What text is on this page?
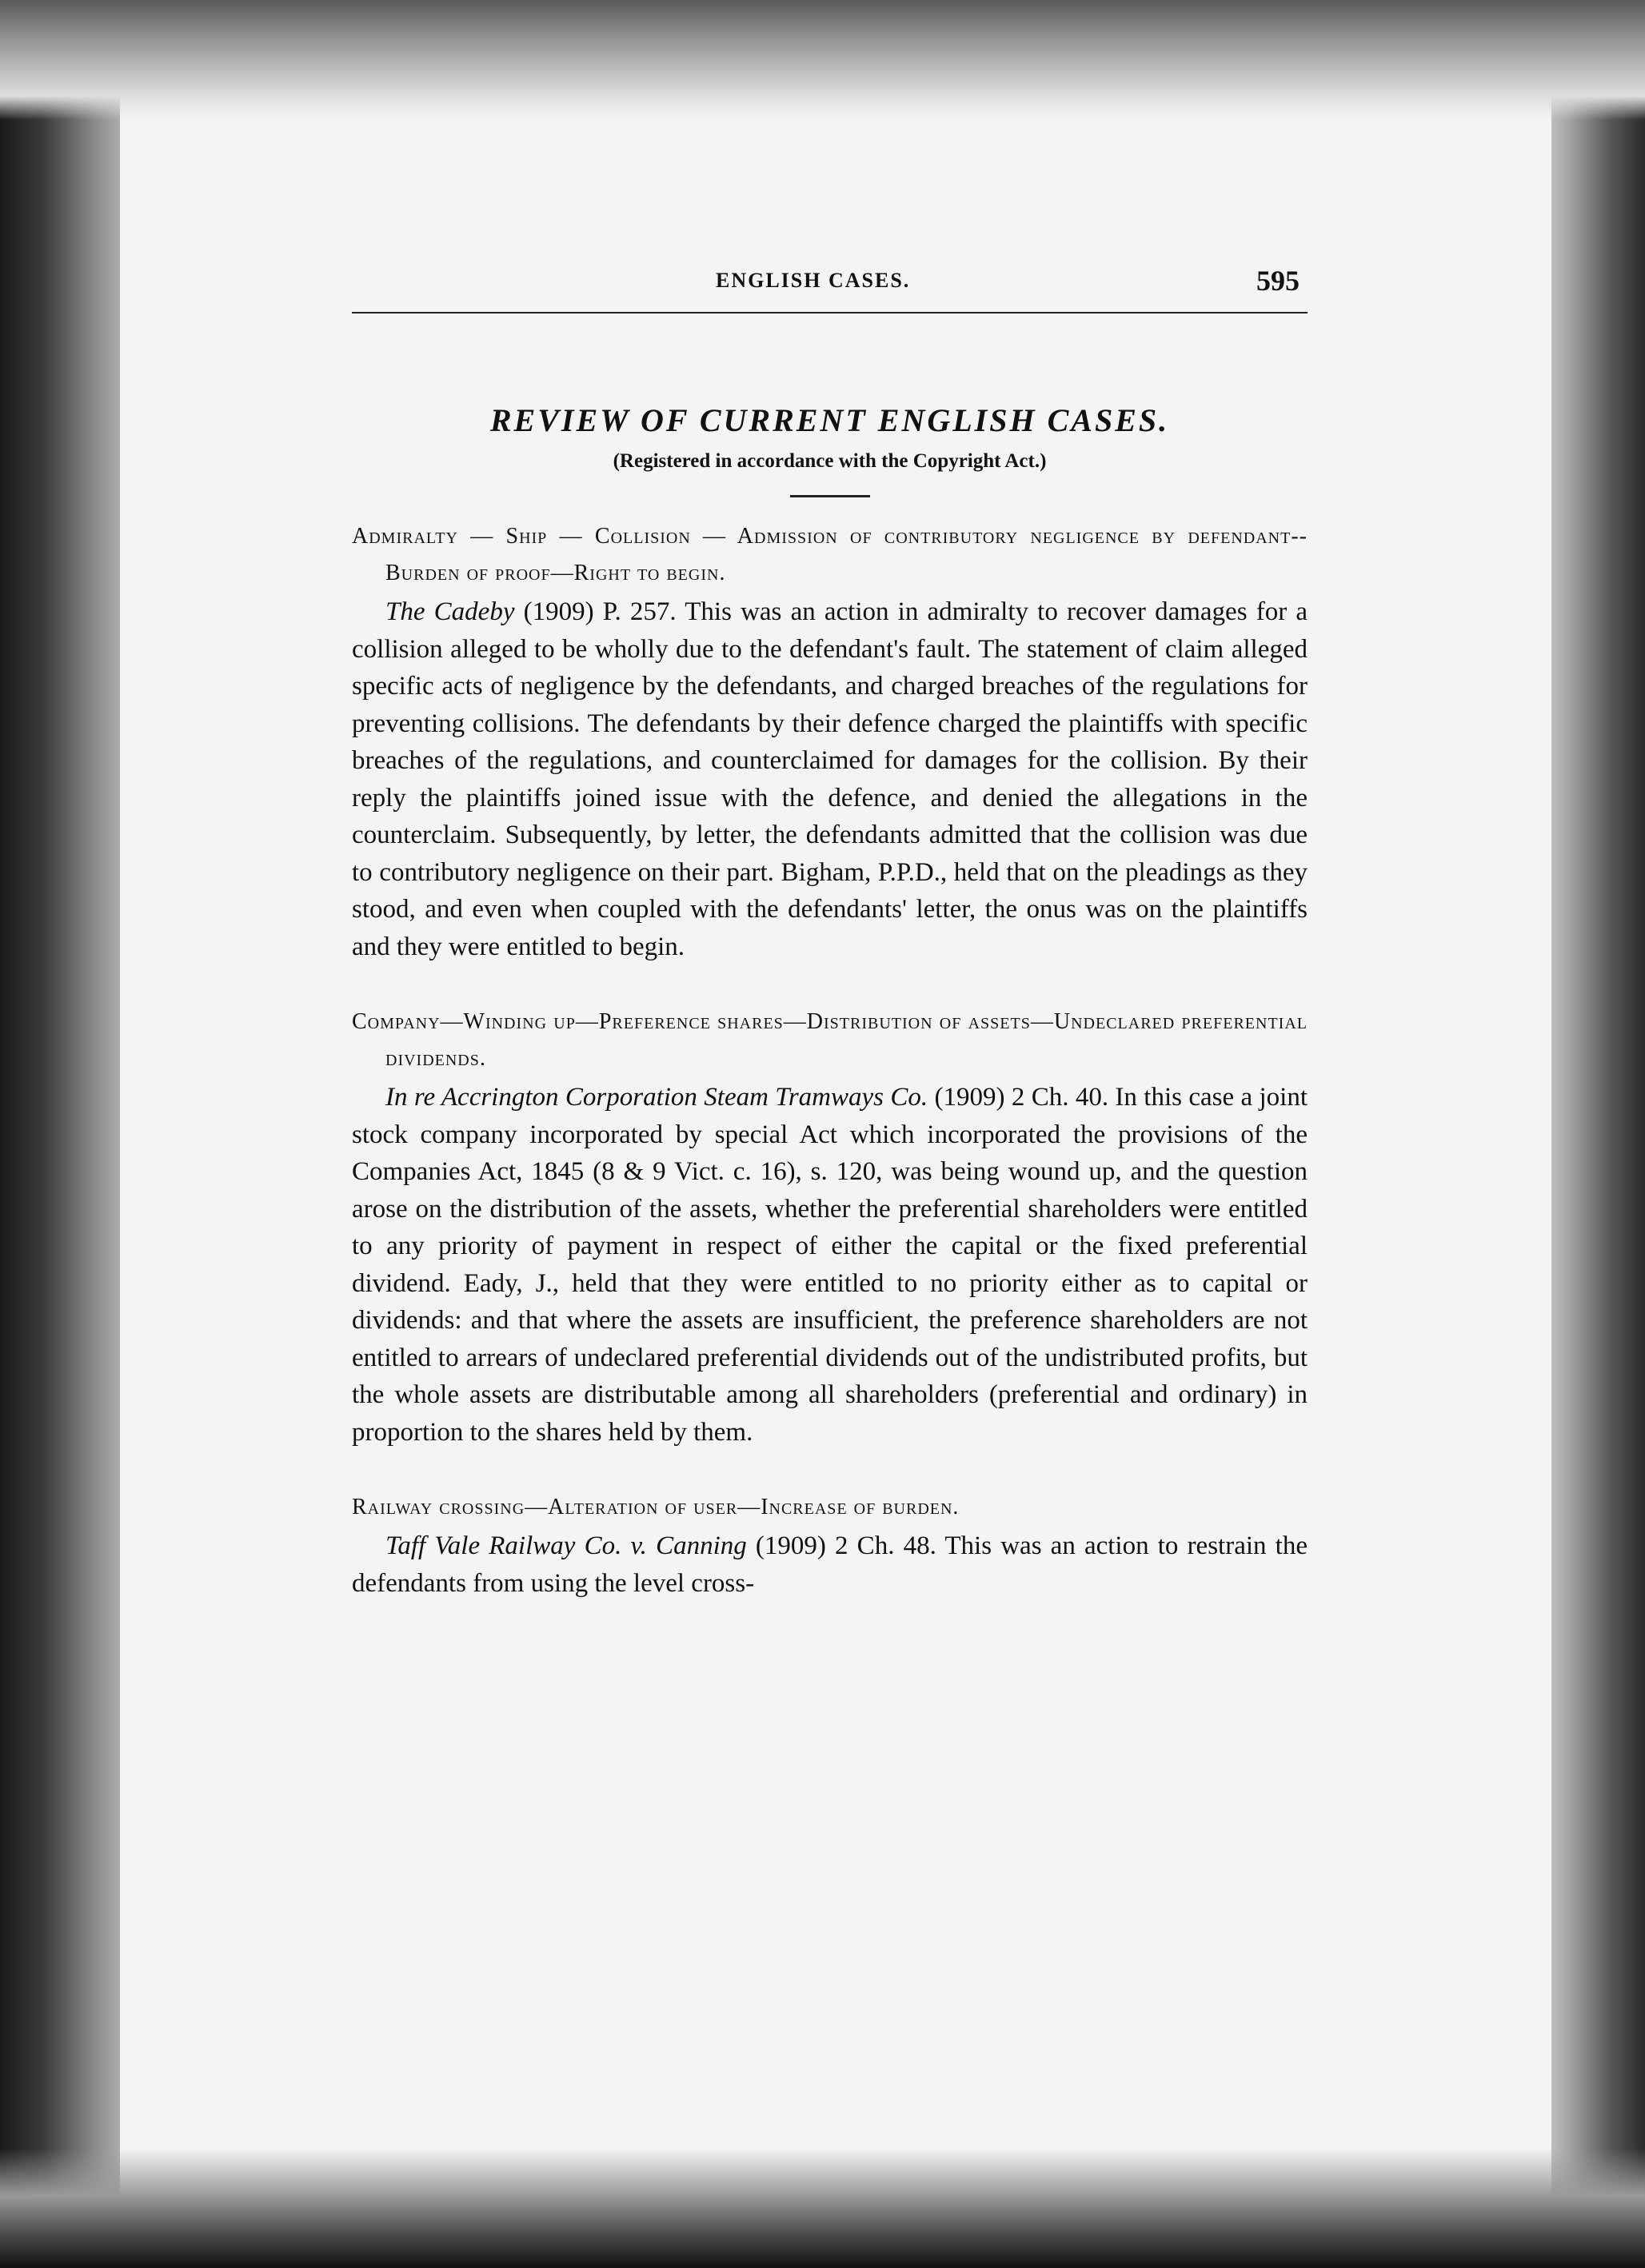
ENGLISH CASES.	595
REVIEW OF CURRENT ENGLISH CASES.
(Registered in accordance with the Copyright Act.)
Admiralty — Ship — Collision — Admission of contributory negligence by defendant--Burden of proof—Right to begin.
The Cadeby (1909) P. 257. This was an action in admiralty to recover damages for a collision alleged to be wholly due to the defendant's fault. The statement of claim alleged specific acts of negligence by the defendants, and charged breaches of the regulations for preventing collisions. The defendants by their defence charged the plaintiffs with specific breaches of the regulations, and counterclaimed for damages for the collision. By their reply the plaintiffs joined issue with the defence, and denied the allegations in the counterclaim. Subsequently, by letter, the defendants admitted that the collision was due to contributory negligence on their part. Bigham, P.P.D., held that on the pleadings as they stood, and even when coupled with the defendants' letter, the onus was on the plaintiffs and they were entitled to begin.
Company—Winding up—Preference shares—Distribution of assets—Undeclared preferential dividends.
In re Accrington Corporation Steam Tramways Co. (1909) 2 Ch. 40. In this case a joint stock company incorporated by special Act which incorporated the provisions of the Companies Act, 1845 (8 & 9 Vict. c. 16), s. 120, was being wound up, and the question arose on the distribution of the assets, whether the preferential shareholders were entitled to any priority of payment in respect of either the capital or the fixed preferential dividend. Eady, J., held that they were entitled to no priority either as to capital or dividends: and that where the assets are insufficient, the preference shareholders are not entitled to arrears of undeclared preferential dividends out of the undistributed profits, but the whole assets are distributable among all shareholders (preferential and ordinary) in proportion to the shares held by them.
Railway crossing—Alteration of user—Increase of burden.
Taff Vale Railway Co. v. Canning (1909) 2 Ch. 48. This was an action to restrain the defendants from using the level cross-
